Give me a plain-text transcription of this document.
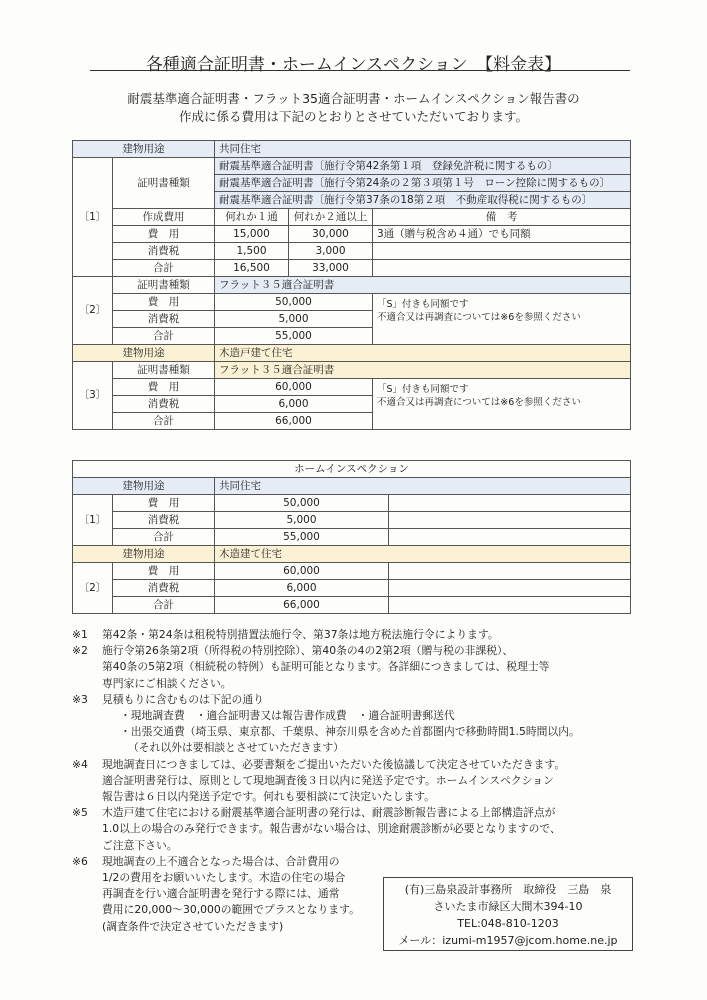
各種適合証明書・ホームインスペクション　【料金表】
耐震基準適合証明書・フラット35適合証明書・ホームインスペクション報告書の
作成に係る費用は下記のとおりとさせていただいております。
建物用途		共同住宅		
〔1〕	証明書種類	耐震基準適合証明書〔施行令第42条第１項　登録免許税に関するもの〕		
		耐震基準適合証明書〔施行令第24条の２第３項第１号　ローン控除に関するもの〕		
		耐震基準適合証明書〔施行令第37条の18第２項　不動産取得税に関するもの〕		
	作成費用	何れか１通	何れか２通以上	備　考
	費　用	15,000	30,000	3通（贈与税含め４通）でも同額
	消費税	1,500	3,000	
	合計	16,500	33,000	
〔2〕	証明書種類	フラット３５適合証明書		
	費　用	50,000		「S」付きも同額です
不適合又は再調査については※6を参照ください

	消費税	5,000		
	合計	55,000		
建物用途		木造戸建て住宅		
〔3〕	証明書種類	フラット３５適合証明書		
	費　用	60,000		「S」付きも同額です
不適合又は再調査については※6を参照ください

	消費税	6,000		
	合計	66,000		
ホームインスペクション			
建物用途		共同住宅	
〔1〕	費　用	50,000	
	消費税	5,000	
	合計	55,000	
建物用途		木造建て住宅	
〔2〕	費　用	60,000	
	消費税	6,000	
	合計	66,000	
※1	第42条・第24条は租税特別措置法施行令、第37条は地方税法施行令によります。
※2	施行令第26条第2項（所得税の特別控除）、第40条の4の2第2項（贈与税の非課税）、
第40条の5第2項（相続税の特例）も証明可能となります。各詳細につきましては、税理士等
専門家にご相談ください。
※3	見積もりに含むものは下記の通り
・現地調査費　・適合証明書又は報告書作成費　・適合証明書郵送代
・出張交通費（埼玉県、東京都、千葉県、神奈川県を含めた首都圏内で移動時間1.5時間以内。
（それ以外は要相談とさせていただきます）
※4	現地調査日につきましては、必要書類をご提出いただいた後協議して決定させていただきます。
適合証明書発行は、原則として現地調査後３日以内に発送予定です。ホームインスペクション
報告書は６日以内発送予定です。何れも要相談にて決定いたします。
※5	木造戸建て住宅における耐震基準適合証明書の発行は、耐震診断報告書による上部構造評点が
1.0以上の場合のみ発行できます。報告書がない場合は、別途耐震診断が必要となりますので、
ご注意下さい。
※6	現地調査の上不適合となった場合は、合計費用の
1/2の費用をお願いいたします。木造の住宅の場合
再調査を行い適合証明書を発行する際には、通常
費用に20,000～30,000の範囲でプラスとなります。
(調査条件で決定させていただきます)
(有)三島泉設計事務所　取締役　三島　泉
さいたま市緑区大間木394-10
TEL:048-810-1203
メール：izumi-m1957@jcom.home.ne.jp
